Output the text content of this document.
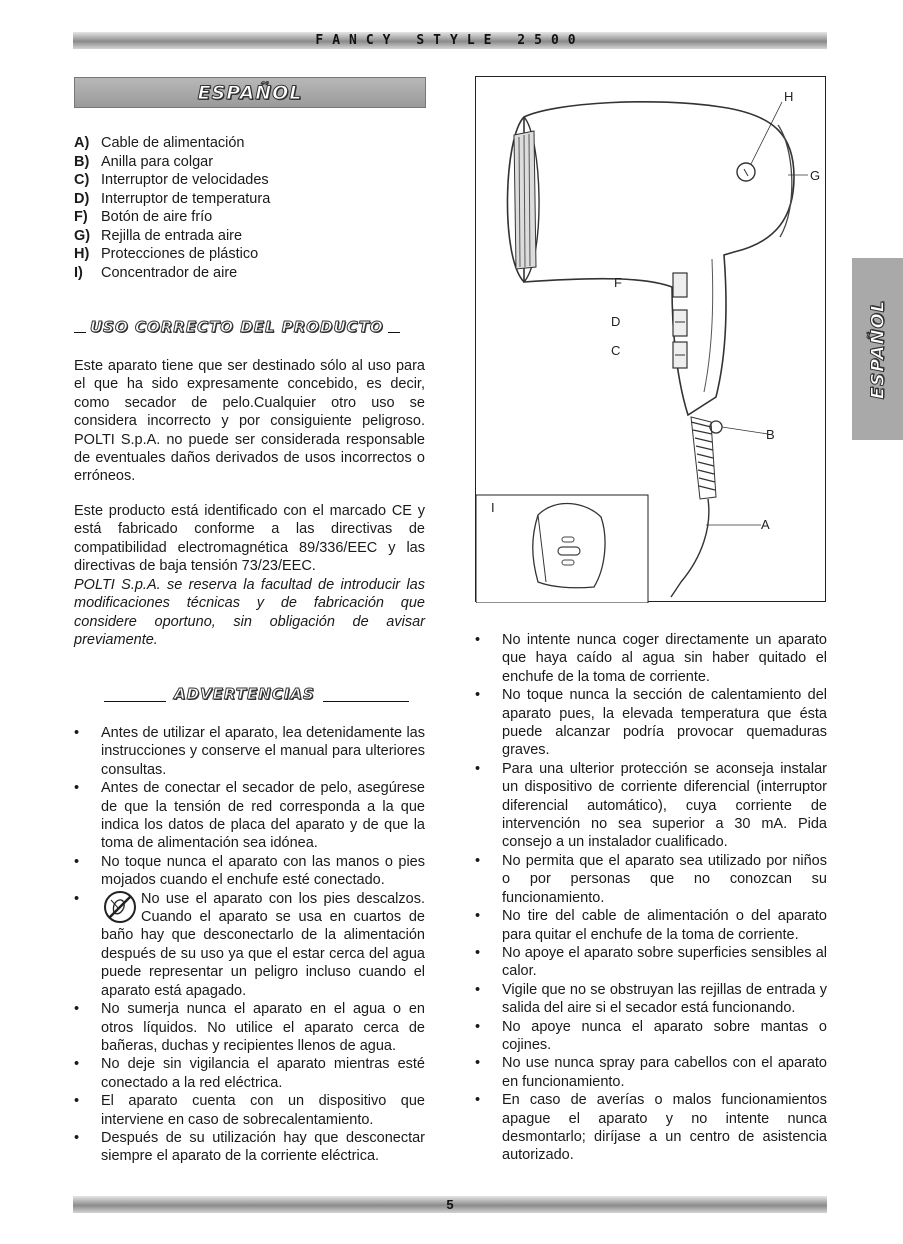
FANCY STYLE 2500
ESPAÑOL
A) Cable de alimentación
B) Anilla para colgar
C) Interruptor de velocidades
D) Interruptor de temperatura
F) Botón de aire frío
G) Rejilla de entrada aire
H) Protecciones de plástico
I)	Concentrador de aire
USO CORRECTO DEL PRODUCTO

Este aparato tiene que ser destinado sólo al uso para el que ha sido expresamente concebido, es decir, como secador de pelo.Cualquier otro uso se considera incorrecto y por consiguiente peligroso. POLTI S.p.A. no puede ser considerada responsable de eventuales daños derivados de usos incorrectos o erróneos.

Este producto está identificado con el marcado CE y está fabricado conforme a las directivas de compatibilidad electromagnética 89/336/EEC y las directivas de baja tensión 73/23/EEC.

POLTI S.p.A. se reserva la facultad de introducir las modificaciones técnicas y de fabricación que considere oportuno, sin obligación de avisar previamente.

ADVERTENCIAS
• Antes de utilizar el aparato, lea detenidamente las instrucciones y conserve el manual para ulteriores consultas.
• Antes de conectar el secador de pelo, asegúrese de que la tensión de red corresponda a la que indica los datos de placa del aparato y de que la toma de alimentación sea idónea.
• No toque nunca el aparato con las manos o pies mojados cuando el enchufe esté conectado.
• No use el aparato con los pies descalzos. Cuando el aparato se usa en cuartos de baño hay que desconectarlo de la alimentación después de su uso ya que el estar cerca del agua puede representar un peligro incluso cuando el aparato está apagado.
• No sumerja nunca el aparato en el agua o en otros líquidos. No utilice el aparato cerca de bañeras, duchas y recipientes llenos de agua.
• No deje sin vigilancia el aparato mientras esté conectado a la red eléctrica.
• El aparato cuenta con un dispositivo que interviene en caso de sobrecalentamiento.
• Después de su utilización hay que desconectar siempre el aparato de la corriente eléctrica.
H
G
F
D
C
B
A
I
• No intente nunca coger directamente un aparato que haya caído al agua sin haber quitado el enchufe de la toma de corriente.
• No toque nunca la sección de calentamiento del aparato pues, la elevada temperatura que ésta puede alcanzar podría provocar quemaduras graves.
• Para una ulterior protección se aconseja instalar un dispositivo de corriente diferencial (interruptor diferencial automático), cuya corriente de intervención no sea superior a 30 mA. Pida consejo a un instalador cualificado.
• No permita que el aparato sea utilizado por niños o por personas que no conozcan su funcionamiento.
• No tire del cable de alimentación o del aparato para quitar el enchufe de la toma de corriente.
• No apoye el aparato sobre superficies sensibles al calor.
• Vigile que no se obstruyan las rejillas de entrada y salida del aire si el secador está funcionando.
• No apoye nunca el aparato sobre mantas o cojines.
• No use nunca spray para cabellos con el aparato en funcionamiento.
• En caso de averías o malos funcionamientos apague el aparato y no intente nunca desmontarlo; diríjase a un centro de asistencia autorizado.
ESPAÑOL
5
